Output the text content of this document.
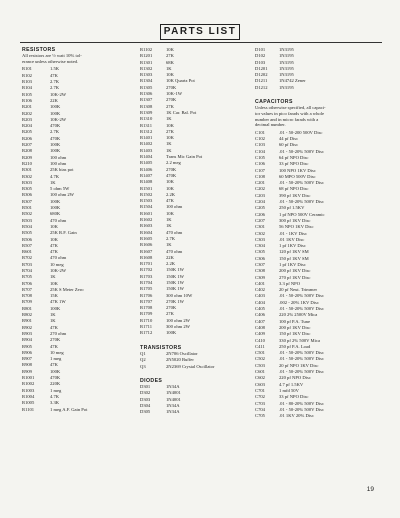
PARTS LIST
RESISTORS
All resistors are ½ watt 10% tol-
erance unless otherwise noted.
R101	1.5K
R102	47K
R103	2.7K
R104	2.7K
R105	10K-2W
R106	22K
R201	100K
R202	100K
R203	10K-2W
R204	470K
R205	2.7K
R206	470K
R207	100K
R208	100K
R209	100 ohm
R210	100 ohm
R301	25K bias pot
R302	4.7K
R303	1K
R305	5 ohm 5W
R306	100 ohm 2W
R307	100K
R501	100K
R502	680K
R503	470 ohm
R504	10K
R505	25K R.F. Gain
R506	10K
R507	47K
R601	47K
R702	470 ohm
R703	10 meg
R704	10K-2W
R705	1K
R706	10K
R707	25K S Meter Zero
R708	15K
R709	47K 1W
R801	100K
R802	1K
R901	1K
R902	47K
R903	270 ohm
R904	270K
R905	47K
R906	10 meg
R907	1 meg
R908	47K
R909	100K
R1001	470K
R1002	220K
R1003	1 meg
R1004	4.7K
R1005	3.3K
R1101	1 meg A.F. Gain Pot
R1102	10K
R1201	27K
R1301	68K
R1302	1K
R1303	10K
R1304	10K Quartz Pot
R1305	270K
R1306	10K-1W
R1307	270K
R1308	27K
R1309	1K Car. Bal. Pot
R1310	1K
R1311	10K
R1312	27K
R1401	10K
R1402	1K
R1403	1K
R1404	Trans Mic Gain Pot
R1405	2.2 meg
R1406	270K
R1407	470K
R1408	10K
R1501	10K
R1502	2.2K
R1503	47K
R1504	100 ohm
R1601	10K
R1602	1K
R1603	1K
R1604	470 ohm
R1605	2.7K
R1606	1K
R1607	470 ohm
R1608	22K
R1701	2.2K
R1702	150K 1W
R1703	150K 1W
R1704	150K 1W
R1705	150K 1W
R1706	300 ohm 10W
R1707	270K 1W
R1708	270K
R1709	27K
R1710	100 ohm 2W
R1711	300 ohm 2W
R1712	100K
TRANSISTORS
Q1	2N706 Oscillator
Q2	2N5020 Buffer
Q3	2N2369 Crystal Oscillator
DIODES
D301	1N34A
D302	1N4001
D303	1N4001
D304	1N34A
D305	1N34A
D101	1N3195
D102	1N3195
D103	1N3195
D1201	1N3195
D1202	1N3195
D1211	1N4742 Zener
D1212	1N3195
CAPACITORS
Unless otherwise specified, all capaci-
tor values in pico farads with a whole
number and in micro farads with a
decimal number.
C101	.01 - 50-200 500V Disc
C102	44 pf Disc
C103	60 pf Disc
C104	.01 - 50-20% 500V Disc
C105	64 pf NPO Disc
C106	33 pf NPO Disc
C107	100 NPO 1KV Disc
C108	60 MPO 500V Disc
C201	.01 - 50-20% 500V Disc
C202	68 pf NPO Disc
C203	390 pf 1KV Disc
C204	.01 - 50-20% 500V Disc
C205	250 pf 1.5KV
C206	1 pf NPO 500V Ceramic
C207	300 pf 1KV Disc
C301	56 NPO 1KV Disc
C302	.01 - 1KV Disc
C303	.01 1KV Disc
C304	1 pf 1KV Disc
C305	120 pf 1KV SM
C306	150 pf 1KV SM
C307	1 pf 1KV Disc
C308	200 pf 1KV Disc
C309	270 pf 1KV Disc
C401	3.3 pf NPO
C402	20 pf Neut. Trimmer
C403	.01 - 50-20% 500V Disc
C404	.002 - 20% 1KV Disc
C405	.01 - 50-20% 500V Disc
C406	220 2% 2500V Mica
C407	100 pf P.A. Tune
C408	200 pf 1KV Disc
C409	150 pf 1KV Disc
C410	330 pf 2% 500V Mica
C411	250 pf P.A. Load
C501	.01 - 50-20% 500V Disc
C502	.01 - 50-20% 500V Disc
C503	20 pf NPO 1KV Disc
C601	.01 - 50-20% 500V Disc
C602	220 pf NPO Disc
C603	4.7 pf 1.5KV
C701	1 mfd 50V
C702	33 pf NPO Disc
C703	.01 - 80-20% 500V Disc
C704	.01 - 50-20% 500V Disc
C705	.01 1KV 20% Disc
19
